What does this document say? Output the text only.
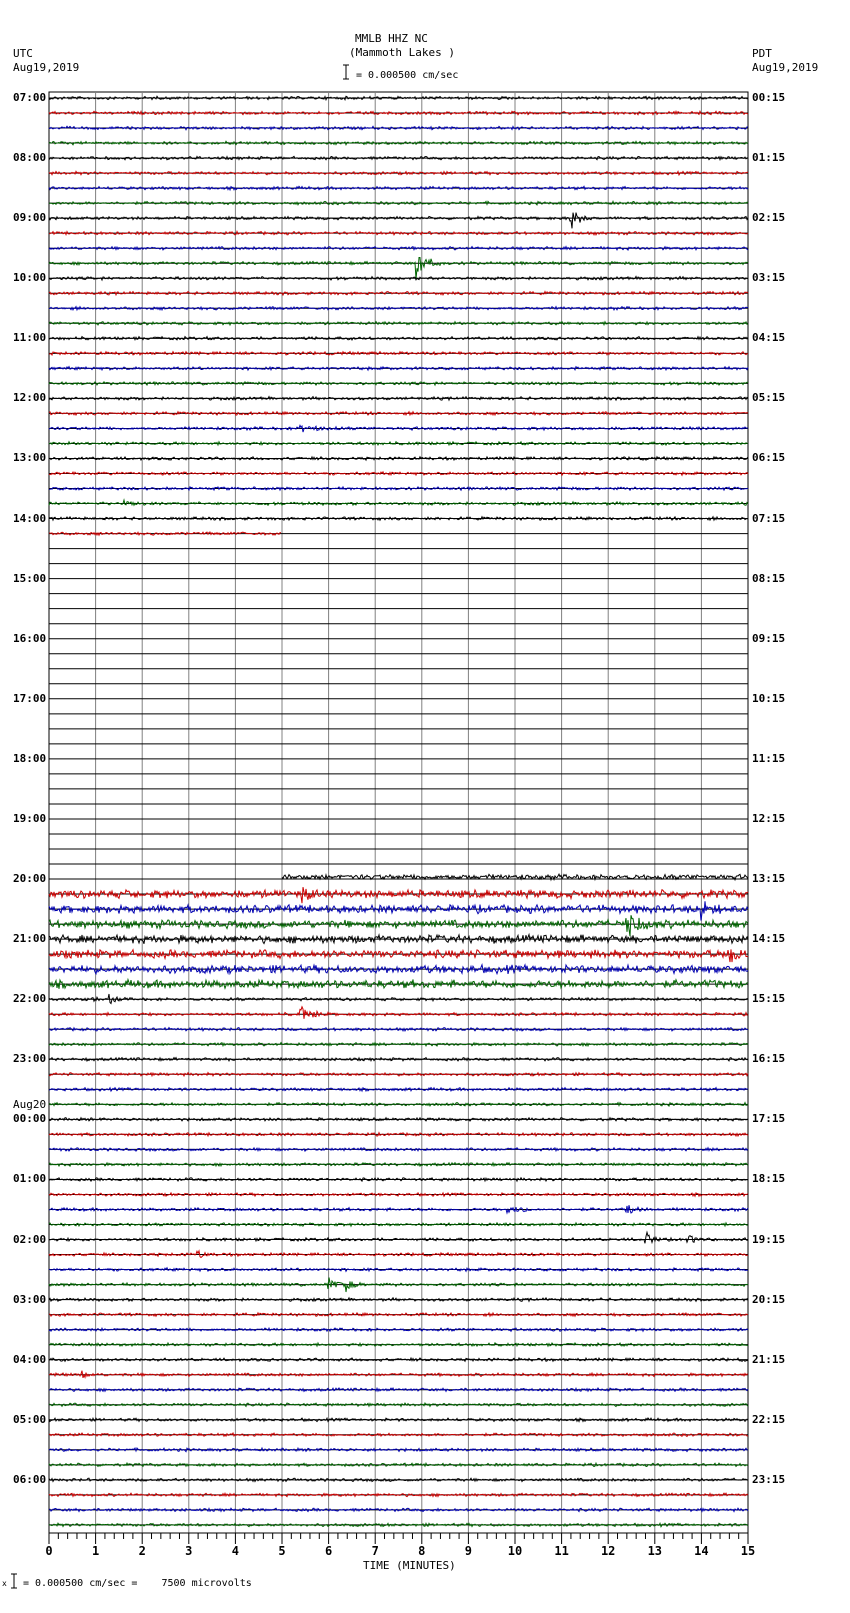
MMLB HHZ NC
(Mammoth Lakes )
= 0.000500 cm/sec
UTC
Aug19,2019
PDT
Aug19,2019
07:00
08:00
09:00
10:00
11:00
12:00
13:00
14:00
15:00
16:00
17:00
18:00
19:00
20:00
21:00
22:00
23:00
Aug20
00:00
01:00
02:00
03:00
04:00
05:00
06:00
00:15
01:15
02:15
03:15
04:15
05:15
06:15
07:15
08:15
09:15
10:15
11:15
12:15
13:15
14:15
15:15
16:15
17:15
18:15
19:15
20:15
21:15
22:15
23:15
0	1	2	3	4	5	6	7	8	9	10	11	12	13	14	15
TIME (MINUTES)
x = 0.000500 cm/sec =    7500 microvolts
